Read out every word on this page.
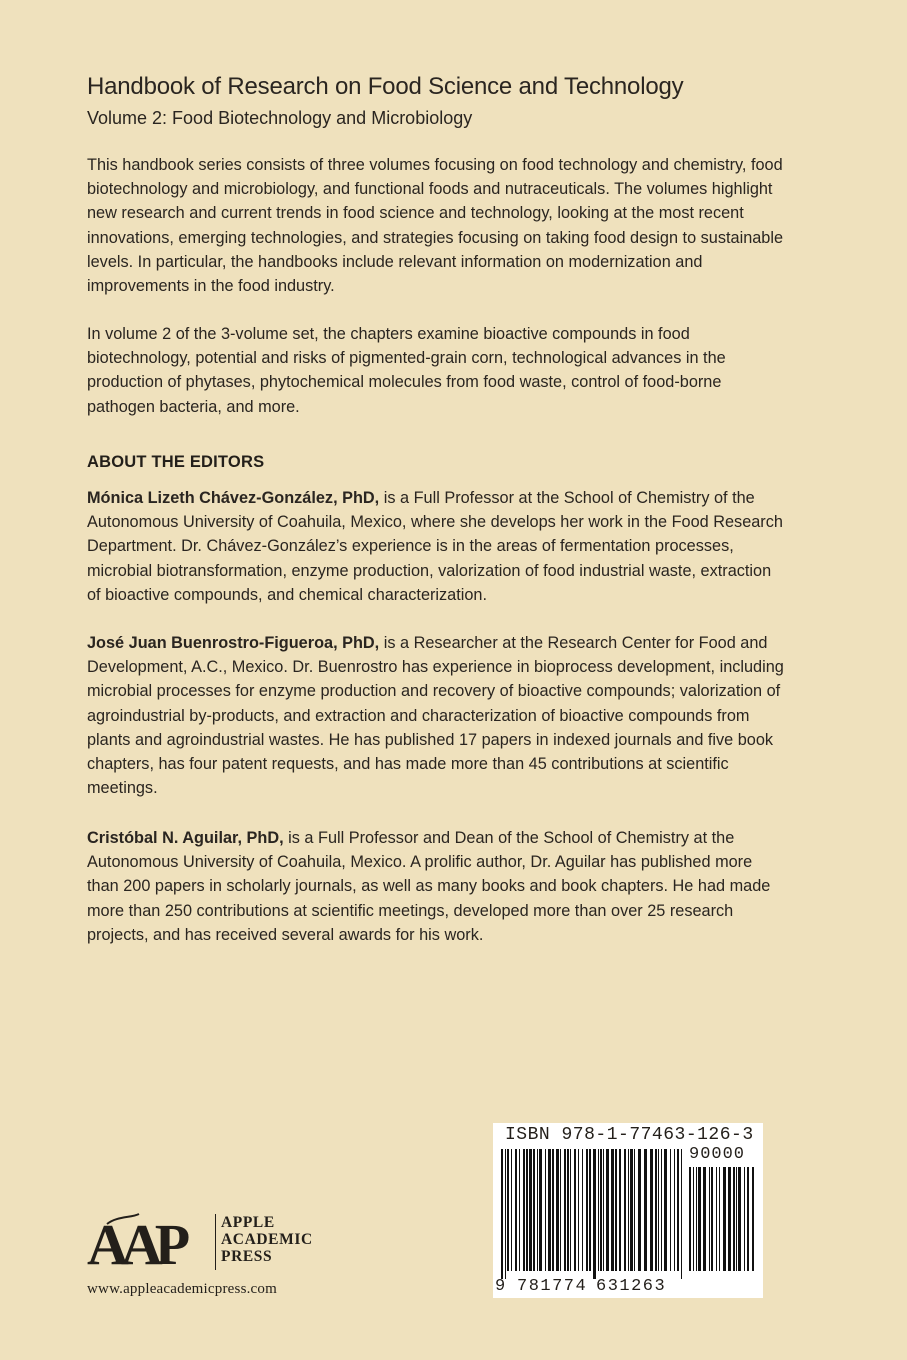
Handbook of Research on Food Science and Technology
Volume 2: Food Biotechnology and Microbiology
This handbook series consists of three volumes focusing on food technology and chemistry, food biotechnology and microbiology, and functional foods and nutraceuticals. The volumes highlight new research and current trends in food science and technology, looking at the most recent innovations, emerging technologies, and strategies focusing on taking food design to sustainable levels. In particular, the handbooks include relevant information on modernization and improvements in the food industry.
In volume 2 of the 3-volume set, the chapters examine bioactive compounds in food biotechnology, potential and risks of pigmented-grain corn, technological advances in the production of phytases, phytochemical molecules from food waste, control of food-borne pathogen bacteria, and more.
ABOUT THE EDITORS
Mónica Lizeth Chávez-González, PhD, is a Full Professor at the School of Chemistry of the Autonomous University of Coahuila, Mexico, where she develops her work in the Food Research Department. Dr. Chávez-González’s experience is in the areas of fermentation processes, microbial biotransformation, enzyme production, valorization of food industrial waste, extraction of bioactive compounds, and chemical characterization.
José Juan Buenrostro-Figueroa, PhD, is a Researcher at the Research Center for Food and Development, A.C., Mexico. Dr. Buenrostro has experience in bioprocess development, including microbial processes for enzyme production and recovery of bioactive compounds; valorization of agroindustrial by-products, and extraction and characterization of bioactive compounds from plants and agroindustrial wastes. He has published 17 papers in indexed journals and five book chapters, has four patent requests, and has made more than 45 contributions at scientific meetings.
Cristóbal N. Aguilar, PhD, is a Full Professor and Dean of the School of Chemistry at the Autonomous University of Coahuila, Mexico. A prolific author, Dr. Aguilar has published more than 200 papers in scholarly journals, as well as many books and book chapters. He had made more than 250 contributions at scientific meetings, developed more than over 25 research projects, and has received several awards for his work.
ISBN 978-1-77463-126-3
90000
9 781774 631263
AAP	APPLE
ACADEMIC
PRESS
www.appleacademicpress.com
